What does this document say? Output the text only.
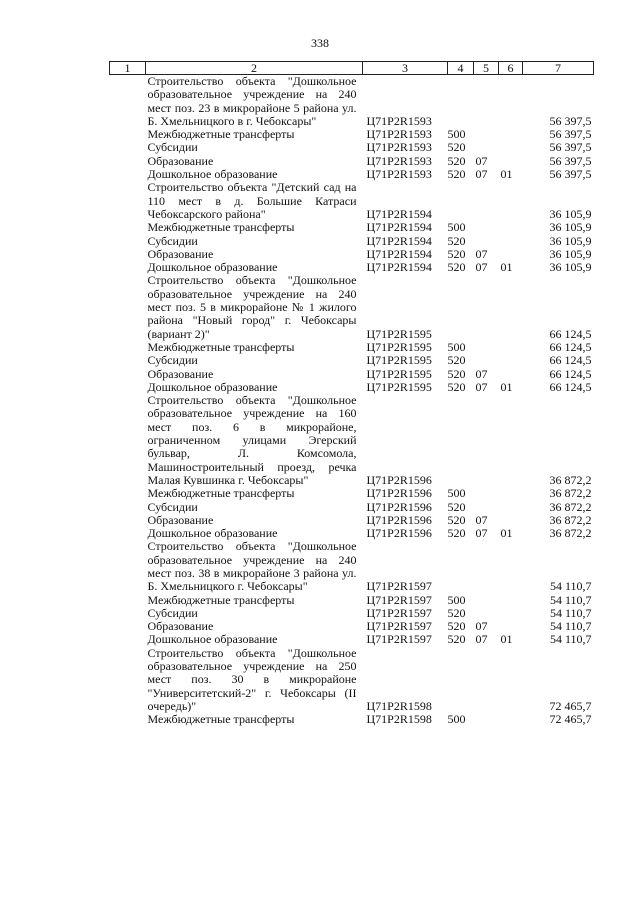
338
1	2	3	4	5	6	7
	Строительство объекта "Дошкольное образовательное учреждение на 240 мест поз. 23 в микрорайоне 5 района ул. Б. Хмельницкого в г. Чебоксары"	Ц71Р2R1593				56 397,5
	Межбюджетные трансферты	Ц71Р2R1593	500			56 397,5
	Субсидии	Ц71Р2R1593	520			56 397,5
	Образование	Ц71Р2R1593	520	07		56 397,5
	Дошкольное образование	Ц71Р2R1593	520	07	01	56 397,5
	Строительство объекта "Детский сад на 110 мест в д. Большие Катраси Чебоксарского района"	Ц71Р2R1594				36 105,9
	Межбюджетные трансферты	Ц71Р2R1594	500			36 105,9
	Субсидии	Ц71Р2R1594	520			36 105,9
	Образование	Ц71Р2R1594	520	07		36 105,9
	Дошкольное образование	Ц71Р2R1594	520	07	01	36 105,9
	Строительство объекта "Дошкольное образовательное учреждение на 240 мест поз. 5 в микрорайоне № 1 жилого района "Новый город" г. Чебоксары (вариант 2)"	Ц71Р2R1595				66 124,5
	Межбюджетные трансферты	Ц71Р2R1595	500			66 124,5
	Субсидии	Ц71Р2R1595	520			66 124,5
	Образование	Ц71Р2R1595	520	07		66 124,5
	Дошкольное образование	Ц71Р2R1595	520	07	01	66 124,5
	Строительство объекта "Дошкольное образовательное учреждение на 160 мест поз. 6 в микрорайоне, ограниченном улицами Эгерский бульвар, Л. Комсомола, Машиностроительный проезд, речка Малая Кувшинка г. Чебоксары"	Ц71Р2R1596				36 872,2
	Межбюджетные трансферты	Ц71Р2R1596	500			36 872,2
	Субсидии	Ц71Р2R1596	520			36 872,2
	Образование	Ц71Р2R1596	520	07		36 872,2
	Дошкольное образование	Ц71Р2R1596	520	07	01	36 872,2
	Строительство объекта "Дошкольное образовательное учреждение на 240 мест поз. 38 в микрорайоне 3 района ул. Б. Хмельницкого г. Чебоксары"	Ц71Р2R1597				54 110,7
	Межбюджетные трансферты	Ц71Р2R1597	500			54 110,7
	Субсидии	Ц71Р2R1597	520			54 110,7
	Образование	Ц71Р2R1597	520	07		54 110,7
	Дошкольное образование	Ц71Р2R1597	520	07	01	54 110,7
	Строительство объекта "Дошкольное образовательное учреждение на 250 мест поз. 30 в микрорайоне "Университетский-2" г. Чебоксары (II очередь)"	Ц71Р2R1598				72 465,7
	Межбюджетные трансферты	Ц71Р2R1598	500			72 465,7
